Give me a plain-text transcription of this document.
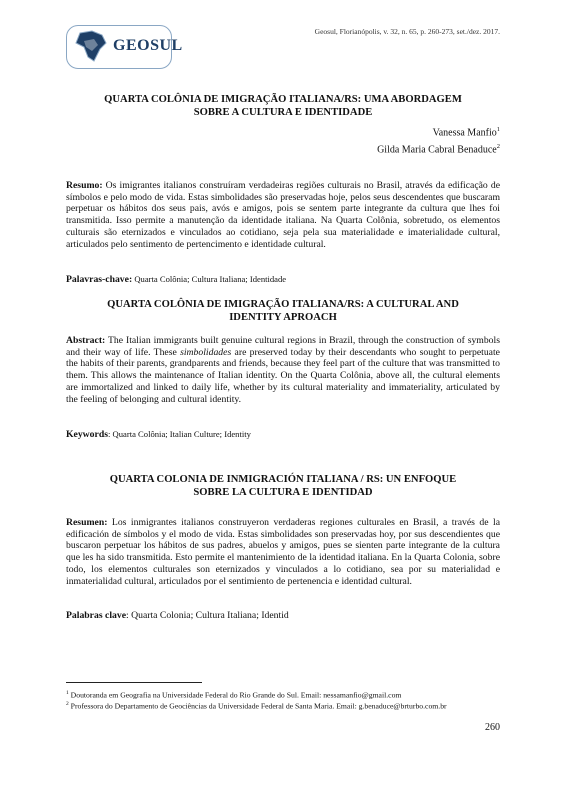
GEOSUL
Geosul, Florianópolis, v. 32, n. 65, p. 260-273, set./dez. 2017.
QUARTA COLÔNIA DE IMIGRAÇÃO ITALIANA/RS: UMA ABORDAGEM
SOBRE A CULTURA E IDENTIDADE
Vanessa Manfio$^1$
Gilda Maria Cabral Benaduce$^2$
Resumo: Os imigrantes italianos construíram verdadeiras regiões culturais no Brasil, através da edificação de símbolos e pelo modo de vida. Estas simbolidades são preservadas hoje, pelos seus descendentes que buscaram perpetuar os hábitos dos seus pais, avós e amigos, pois se sentem parte integrante da cultura que lhes foi transmitida. Isso permite a manutenção da identidade italiana. Na Quarta Colônia, sobretudo, os elementos culturais são eternizados e vinculados ao cotidiano, seja pela sua materialidade e imaterialidade cultural, articulados pelo sentimento de pertencimento e identidade cultural.
Palavras-chave: Quarta Colônia; Cultura Italiana; Identidade
QUARTA COLÔNIA DE IMIGRAÇÃO ITALIANA/RS: A CULTURAL AND
IDENTITY APROACH
Abstract: The Italian immigrants built genuine cultural regions in Brazil, through the construction of symbols and their way of life. These simbolidades are preserved today by their descendants who sought to perpetuate the habits of their parents, grandparents and friends, because they feel part of the culture that was transmitted to them. This allows the maintenance of Italian identity. On the Quarta Colônia, above all, the cultural elements are immortalized and linked to daily life, whether by its cultural materiality and immateriality, articulated by the feeling of belonging and cultural identity.
Keywords: Quarta Colônia; Italian Culture; Identity
QUARTA COLONIA DE INMIGRACIÓN ITALIANA / RS: UN ENFOQUE
SOBRE LA CULTURA E IDENTIDAD
Resumen: Los inmigrantes italianos construyeron verdaderas regiones culturales en Brasil, a través de la edificación de símbolos y el modo de vida. Estas simbolidades son preservadas hoy, por sus descendientes que buscaron perpetuar los hábitos de sus padres, abuelos y amigos, pues se sienten parte integrante de la cultura que les ha sido transmitida. Esto permite el mantenimiento de la identidad italiana. En la Quarta Colonia, sobre todo, los elementos culturales son eternizados y vinculados a lo cotidiano, sea por su materialidad e inmaterialidad cultural, articulados por el sentimiento de pertenencia e identidad cultural.
Palabras clave: Quarta Colonia; Cultura Italiana; Identid
$^1$ Doutoranda em Geografia na Universidade Federal do Rio Grande do Sul. Email: nessamanfio@gmail.com
$^2$ Professora do Departamento de Geociências da Universidade Federal de Santa Maria. Email: g.benaduce@brturbo.com.br
260
